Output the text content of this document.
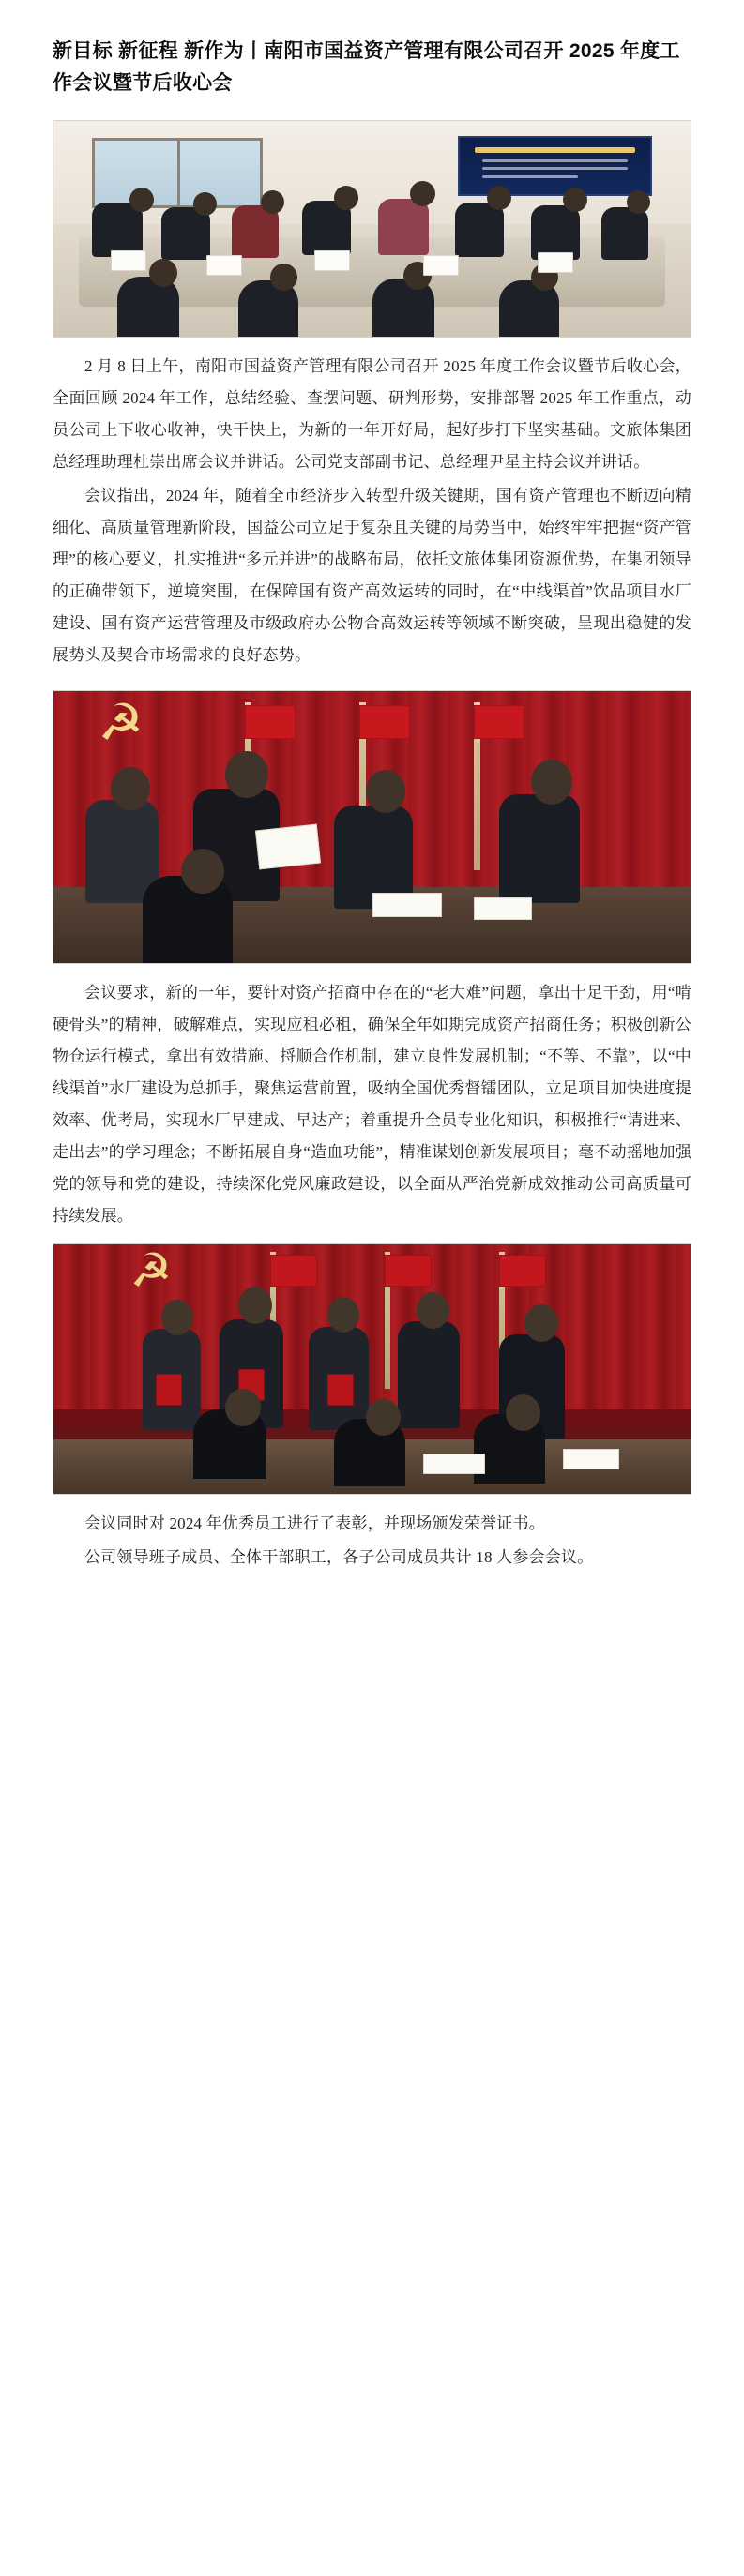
新目标 新征程 新作为丨南阳市国益资产管理有限公司召开 2025 年度工作会议暨节后收心会

2 月 8 日上午，南阳市国益资产管理有限公司召开 2025 年度工作会议暨节后收心会，全面回顾 2024 年工作，总结经验、查摆问题、研判形势，安排部署 2025 年工作重点，动员公司上下收心收神，快干快上，为新的一年开好局，起好步打下坚实基础。文旅体集团总经理助理杜崇出席会议并讲话。公司党支部副书记、总经理尹星主持会议并讲话。

会议指出，2024 年，随着全市经济步入转型升级关键期，国有资产管理也不断迈向精细化、高质量管理新阶段，国益公司立足于复杂且关键的局势当中，始终牢牢把握“资产管理”的核心要义，扎实推进“多元并进”的战略布局，依托文旅体集团资源优势，在集团领导的正确带领下，逆境突围，在保障国有资产高效运转的同时，在“中线渠首”饮品项目水厂建设、国有资产运营管理及市级政府办公物合高效运转等领域不断突破，呈现出稳健的发展势头及契合市场需求的良好态势。

☭

会议要求，新的一年，要针对资产招商中存在的“老大难”问题，拿出十足干劲，用“啃硬骨头”的精神，破解难点，实现应租必租，确保全年如期完成资产招商任务；积极创新公物仓运行模式，拿出有效措施、捋顺合作机制，建立良性发展机制；“不等、不靠”，以“中线渠首”水厂建设为总抓手，聚焦运营前置，吸纳全国优秀督镭团队，立足项目加快进度提效率、优考局，实现水厂早建成、早达产；着重提升全员专业化知识，积极推行“请进来、走出去”的学习理念；不断拓展自身“造血功能”，精准谋划创新发展项目；毫不动摇地加强党的领导和党的建设，持续深化党风廉政建设，以全面从严治党新成效推动公司高质量可持续发展。

☭

会议同时对 2024 年优秀员工进行了表彰，并现场颁发荣誉证书。

公司领导班子成员、全体干部职工，各子公司成员共计 18 人参会会议。
